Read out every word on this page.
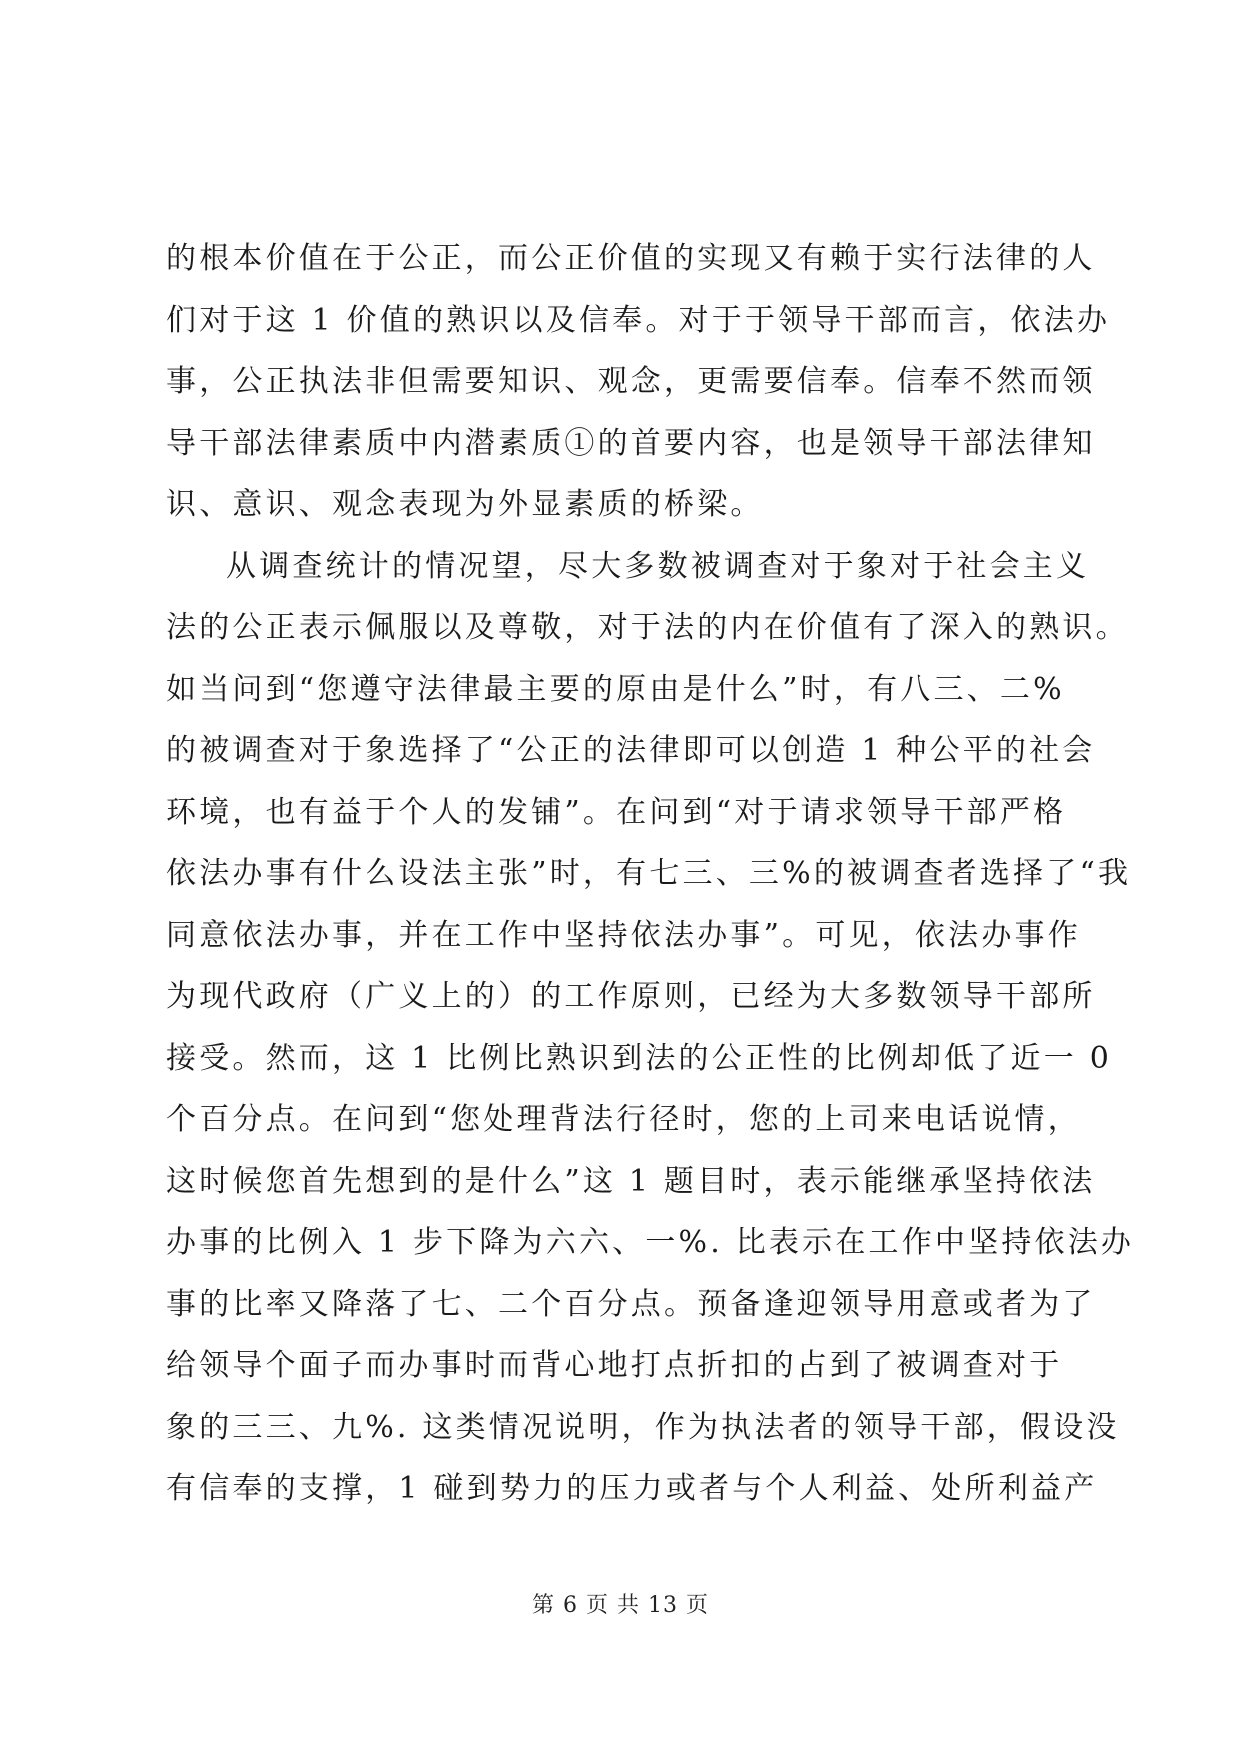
的根本价值在于公正，而公正价值的实现又有赖于实行法律的人
们对于这 1 价值的熟识以及信奉。对于于领导干部而言，依法办
事，公正执法非但需要知识、观念，更需要信奉。信奉不然而领
导干部法律素质中内潜素质①的首要内容，也是领导干部法律知
识、意识、观念表现为外显素质的桥梁。
从调查统计的情况望，尽大多数被调查对于象对于社会主义
法的公正表示佩服以及尊敬，对于法的内在价值有了深入的熟识。
如当问到“您遵守法律最主要的原由是什么”时，有八三、二%
的被调查对于象选择了“公正的法律即可以创造 1 种公平的社会
环境，也有益于个人的发铺”。在问到“对于请求领导干部严格
依法办事有什么设法主张”时，有七三、三%的被调查者选择了“我
同意依法办事，并在工作中坚持依法办事”。可见，依法办事作
为现代政府（广义上的）的工作原则，已经为大多数领导干部所
接受。然而，这 1 比例比熟识到法的公正性的比例却低了近一 0
个百分点。在问到“您处理背法行径时，您的上司来电话说情，
这时候您首先想到的是什么”这 1 题目时，表示能继承坚持依法
办事的比例入 1 步下降为六六、一%. 比表示在工作中坚持依法办
事的比率又降落了七、二个百分点。预备逢迎领导用意或者为了
给领导个面子而办事时而背心地打点折扣的占到了被调查对于
象的三三、九%. 这类情况说明，作为执法者的领导干部，假设没
有信奉的支撑，1 碰到势力的压力或者与个人利益、处所利益产
第 6 页 共 13 页
